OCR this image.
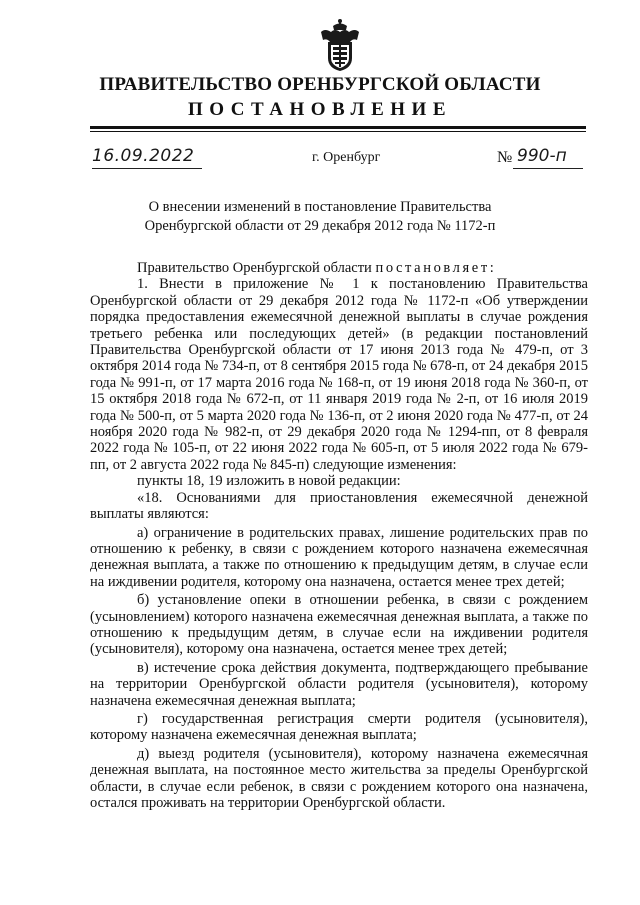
ПРАВИТЕЛЬСТВО ОРЕНБУРГСКОЙ ОБЛАСТИ
ПОСТАНОВЛЕНИЕ
16.09.2022	г. Оренбург	№ 990-п
О внесении изменений в постановление Правительства
Оренбургской области от 29 декабря 2012 года № 1172-п

Правительство Оренбургской области постановляет:

1. Внести в приложение № 1 к постановлению Правительства Оренбургской области от 29 декабря 2012 года № 1172-п «Об утверждении порядка предоставления ежемесячной денежной выплаты в случае рождения третьего ребенка или последующих детей» (в редакции постановлений Правительства Оренбургской области от 17 июня 2013 года № 479-п, от 3 октября 2014 года № 734-п, от 8 сентября 2015 года № 678-п, от 24 декабря 2015 года № 991-п, от 17 марта 2016 года № 168-п, от 19 июня 2018 года № 360-п, от 15 октября 2018 года № 672-п, от 11 января 2019 года № 2-п, от 16 июля 2019 года № 500-п, от 5 марта 2020 года № 136-п, от 2 июня 2020 года № 477-п, от 24 ноября 2020 года № 982-п, от 29 декабря 2020 года № 1294-пп, от 8 февраля 2022 года № 105-п, от 22 июня 2022 года № 605-п, от 5 июля 2022 года № 679-пп, от 2 августа 2022 года № 845-п) следующие изменения:

пункты 18, 19 изложить в новой редакции:

«18. Основаниями для приостановления ежемесячной денежной выплаты являются:

а) ограничение в родительских правах, лишение родительских прав по отношению к ребенку, в связи с рождением которого назначена ежемесячная денежная выплата, а также по отношению к предыдущим детям, в случае если на иждивении родителя, которому она назначена, остается менее трех детей;

б) установление опеки в отношении ребенка, в связи с рождением (усыновлением) которого назначена ежемесячная денежная выплата, а также по отношению к предыдущим детям, в случае если на иждивении родителя (усыновителя), которому она назначена, остается менее трех детей;

в) истечение срока действия документа, подтверждающего пребывание на территории Оренбургской области родителя (усыновителя), которому назначена ежемесячная денежная выплата;

г) государственная регистрация смерти родителя (усыновителя), которому назначена ежемесячная денежная выплата;

д) выезд родителя (усыновителя), которому назначена ежемесячная денежная выплата, на постоянное место жительства за пределы Оренбургской области, в случае если ребенок, в связи с рождением которого она назначена, остался проживать на территории Оренбургской области.
